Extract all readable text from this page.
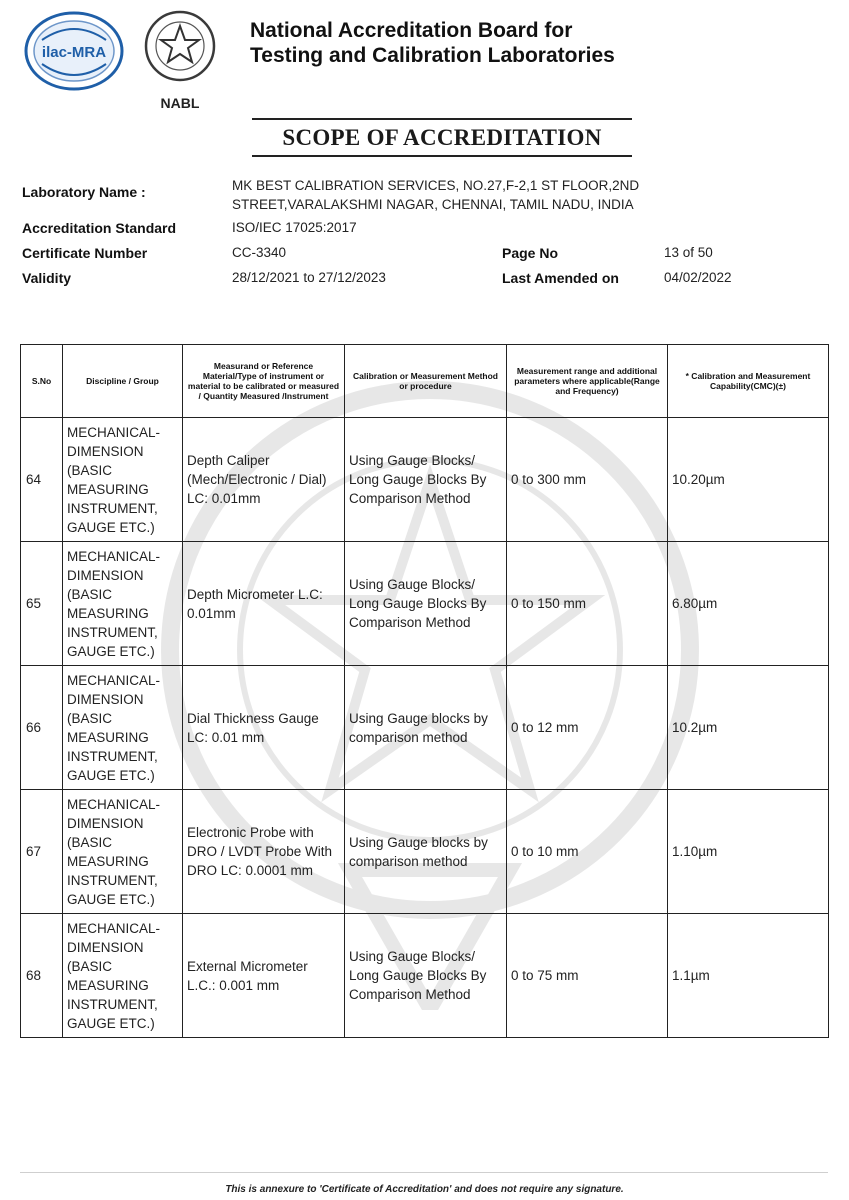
ilac-MRA
NABL
National Accreditation Board for
Testing and Calibration Laboratories
SCOPE OF ACCREDITATION
Laboratory Name :	MK BEST CALIBRATION SERVICES, NO.27,F-2,1 ST FLOOR,2ND
STREET,VARALAKSHMI NAGAR, CHENNAI, TAMIL NADU, INDIA
Accreditation Standard	ISO/IEC 17025:2017
Certificate Number	CC-3340	Page No	13 of 50
Validity	28/12/2021 to 27/12/2023	Last Amended on	04/02/2022
S.No	Discipline / Group	Measurand or Reference Material/Type of instrument or material to be calibrated or measured / Quantity Measured /Instrument	Calibration or Measurement Method or procedure	Measurement range and additional parameters where applicable(Range and Frequency)	* Calibration and Measurement Capability(CMC)(±)
64	MECHANICAL- DIMENSION (BASIC MEASURING INSTRUMENT, GAUGE ETC.)	Depth Caliper (Mech/Electronic / Dial) LC: 0.01mm	Using Gauge Blocks/ Long Gauge Blocks By Comparison Method	0 to 300 mm	10.20µm
65	MECHANICAL- DIMENSION (BASIC MEASURING INSTRUMENT, GAUGE ETC.)	Depth Micrometer L.C: 0.01mm	Using Gauge Blocks/ Long Gauge Blocks By Comparison Method	0 to 150 mm	6.80µm
66	MECHANICAL- DIMENSION (BASIC MEASURING INSTRUMENT, GAUGE ETC.)	Dial Thickness Gauge LC: 0.01 mm	Using Gauge blocks by comparison method	0 to 12 mm	10.2µm
67	MECHANICAL- DIMENSION (BASIC MEASURING INSTRUMENT, GAUGE ETC.)	Electronic Probe with DRO / LVDT Probe With DRO LC: 0.0001 mm	Using Gauge blocks by comparison method	0 to 10 mm	1.10µm
68	MECHANICAL- DIMENSION (BASIC MEASURING INSTRUMENT, GAUGE ETC.)	External Micrometer L.C.: 0.001 mm	Using Gauge Blocks/ Long Gauge Blocks By Comparison Method	0 to 75 mm	1.1µm
This is annexure to 'Certificate of Accreditation' and does not require any signature.
